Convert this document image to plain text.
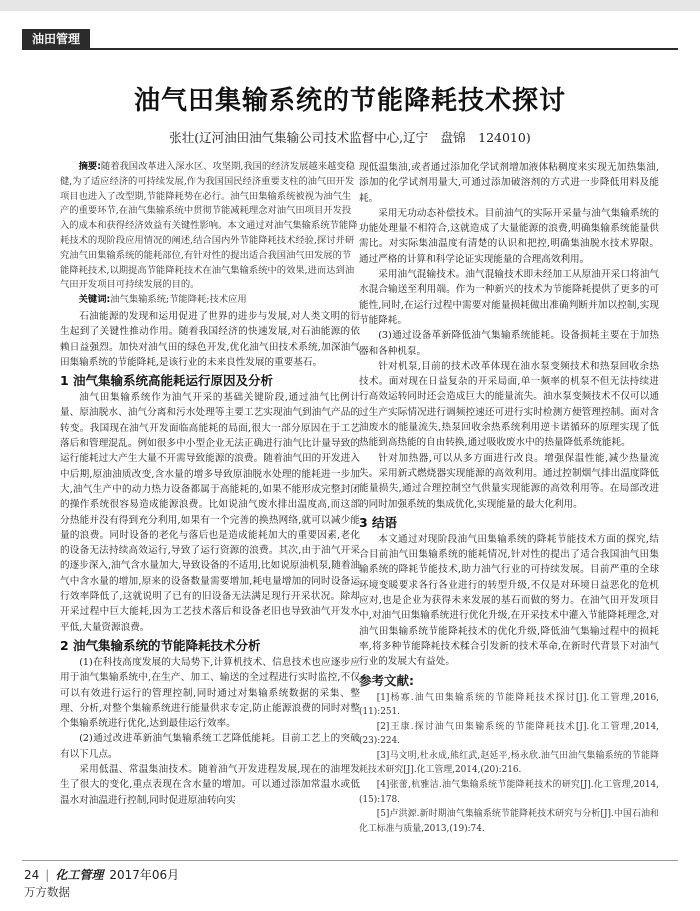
油田管理
油气田集输系统的节能降耗技术探讨
张壮(辽河油田油气集输公司技术监督中心,辽宁　盘锦　124010)
摘要:随着我国改革进入深水区、攻坚期,我国的经济发展越来越变稳健,为了适应经济的可持续发展,作为我国国民经济重要支柱的油气田开发项目也进入了改型期,节能降耗势在必行。油气田集输系统被视为油气生产的重要环节,在油气集输系统中贯彻节能减耗理念对油气田项目开发投入的成本和获得经济效益有关键性影响。本文通过对油气集输系统节能降耗技术的现阶段应用情况的阐述,结合国内外节能降耗技术经验,探讨并研究油气田集输系统的能耗部位,有针对性的提出适合我国油气田发展的节能降耗技术,以期提高节能降耗技术在油气集输系统中的效果,进而达到油气田开发项目可持续发展的目的。
　　关键词:油气集输系统;节能降耗;技术应用

石油能源的发现和运用促进了世界的进步与发展,对人类文明的衍生起到了关键性推动作用。随着我国经济的快速发展,对石油能源的依赖日益强烈。加快对油气田的绿色开发,优化油气田技术系统,加深油气田集输系统的节能降耗,是该行业的未来良性发展的重要基石。

1 油气集输系统高能耗运行原因及分析

油气田集输系统作为油气开采的基础关键阶段,通过油气比例计量、原油脱水、油气分离和污水处理等主要工艺实现油气到油气产品的转变。我国现在油气开发面临高能耗的局面,很大一部分原因在于工艺落后和管理混乱。例如很多中小型企业无法正确进行油气比计量导致的运行能耗过大产生大量不开需导致能源的浪费。随着油气田的开发进入中后期,原油油质改变,含水量的增多导致原油脱水处理的能耗进一步加大,油气生产中的动力热力设备都属于高能耗的,如果不能形成完整封闭的操作系统很容易造成能源浪费。比如说油气废水排出温度高,而这部分热能并没有得到充分利用,如果有一个完善的换热网络,就可以减少能量的浪费。同时设备的老化与落后也是造成能耗加大的重要因素,老化的设备无法持续高效运行,导致了运行资源的浪费。其次,由于油气开采的逐步深入,油气含水量加大,导致设备的不适用,比如说原油机泵,随着油气中含水量的增加,原来的设备数量需要增加,耗电量增加的同时设备运行效率降低了,这就说明了已有的旧设备无法满足现行开采状况。除却开采过程中巨大能耗,因为工艺技术落后和设备老旧也导致油气开发水平低,大量资源浪费。

2 油气集输系统的节能降耗技术分析

(1)在科技高度发展的大局势下,计算机技术、信息技术也应逐步应用于油气集输系统中,在生产、加工、输送的全过程进行实时监控,不仅可以有效进行运行的管理控制,同时通过对集输系统数据的采集、整理、分析,对整个集输系统进行能量供求专定,防止能源浪费的同时对整个集输系统进行优化,达到最佳运行效率。

(2)通过改进革新油气集输系统工艺降低能耗。目前工艺上的突破有以下几点。

采用低温、常温集油技术。随着油气开发进程发展,现在的油埋发生了很大的变化,重点表现在含水量的增加。可以通过添加常温水或低温水对油温进行控制,同时促进原油转向实

现低温集油,或者通过添加化学试剂增加液体粘稠度来实现无加热集油,添加的化学试剂用量大,可通过添加破溶剂的方式进一步降低用料及能耗。

采用无功动态补偿技术。目前油气的实际开采量与油气集输系统的功能处理量不相符合,这就造成了大量能源的浪费,明确集输系统能量供需比。对实际集油温度有清楚的认识和把控,明确集油脱水技术界限。通过严格的计算和科学论证实现能量的合理高效利用。

采用油气混输技术。油气混输技术即未经加工从原油开采口将油气水混合输送至利用端。作为一种新兴的技术为节能降耗提供了更多的可能性,同时,在运行过程中需要对能量损耗做出准确判断并加以控制,实现节能降耗。

(3)通过设备革新降低油气集输系统能耗。设备损耗主要在于加热器和各种机泵。

针对机泵,目前的技术改革体现在油水泵变频技术和热泵回收余热技术。面对现在日益复杂的开采局面,单一频率的机泵不但无法持续进行高效运转同时还会造成巨大的能量流失。油水泵变频技术不仅可以通过生产实际情况进行调频控速还可进行实时检测方便管理控制。面对含油废水的能量流失,热泵回收余热系统利用逆卡诺循环的原理实现了低热能到高热能的自由转换,通过吸收废水中的热量降低系统能耗。

针对加热器,可以从多方面进行改良。增强保温性能,减少热量流失。采用新式燃烧器实现能源的高效利用。通过控制烟气排出温度降低能量损失,通过合理控制空气供量实现能源的高效利用等。在局部改进的同时加强系统的集成优化,实现能量的最大化利用。

3 结语

本文通过对现阶段油气田集输系统的降耗节能技术方面的探究,结合目前油气田集输系统的能耗情况,针对性的提出了适合我国油气田集输系统的降耗节能技术,助力油气行业的可持续发展。目前严重的全球环境变暖要求各行各业进行的转型升级,不仅是对环境日益恶化的危机应对,也是企业为获得未来发展的基石而做的努力。在油气田开发项目中,对油气田集输系统进行优化升级,在开采技术中灌入节能降耗理念,对油气田集输系统节能降耗技术的优化升级,降低油气集输过程中的损耗率,将多种节能降耗技术糅合引发新的技术革命,在新时代背景下对油气行业的发展大有益处。

参考文献:

[1]杨寡.油气田集输系统的节能降耗技术探讨[J].化工管理,2016,(11):251.

[2]王康.探讨油气田集输系统的节能降耗技术[J].化工管理,2014,(23):224.

[3]马文明,杜永成,熊红武,赵延平,杨永欣.油气田油气集输系统的节能降耗技术研究[J].化工管理,2014,(20):216.

[4]张蕾,杭雅洁.油气集输系统节能降耗技术的研究[J].化工管理,2014,(15):178.

[5]卢洪源.新时期油气集输系统节能降耗技术研究与分析[J].中国石油和化工标准与质量,2013,(19):74.

24 | 化工管理 2017年06月
万方数据
